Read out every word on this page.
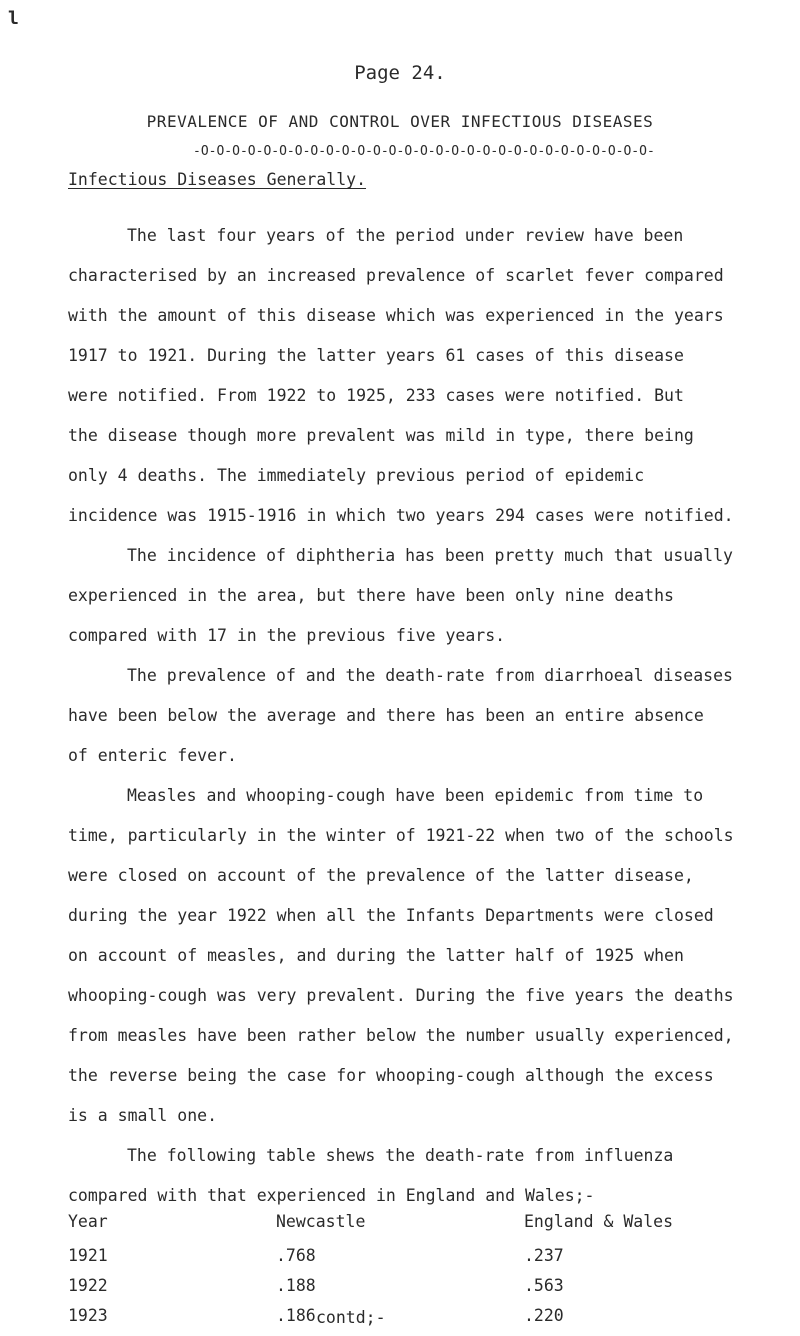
l
Page 24.
PREVALENCE OF AND CONTROL OVER INFECTIOUS DISEASES
-O-O-O-O-O-O-O-O-O-O-O-O-O-O-O-O-O-O-O-O-O-O-O-O-O-O-O-O-O-
Infectious Diseases Generally.
The last four years of the period under review have been
characterised by an increased prevalence of scarlet fever compared
with the amount of this disease which was experienced in the years
1917 to 1921. During the latter years 61 cases of this disease
were notified. From 1922 to 1925, 233 cases were notified. But
the disease though more prevalent was mild in type, there being
only 4 deaths. The immediately previous period of epidemic
incidence was 1915-1916 in which two years 294 cases were notified.
The incidence of diphtheria has been pretty much that usually
experienced in the area, but there have been only nine deaths
compared with 17 in the previous five years.
The prevalence of and the death-rate from diarrhoeal diseases
have been below the average and there has been an entire absence
of enteric fever.
Measles and whooping-cough have been epidemic from time to
time, particularly in the winter of 1921-22 when two of the schools
were closed on account of the prevalence of the latter disease,
during the year 1922 when all the Infants Departments were closed
on account of measles, and during the latter half of 1925 when
whooping-cough was very prevalent. During the five years the deaths
from measles have been rather below the number usually experienced,
the reverse being the case for whooping-cough although the excess
is a small one.
The following table shews the death-rate from influenza
compared with that experienced in England and Wales;-
Year	Newcastle	England & Wales
1921	.768	.237
1922	.188	.563
1923	.186	.220
contd;-
